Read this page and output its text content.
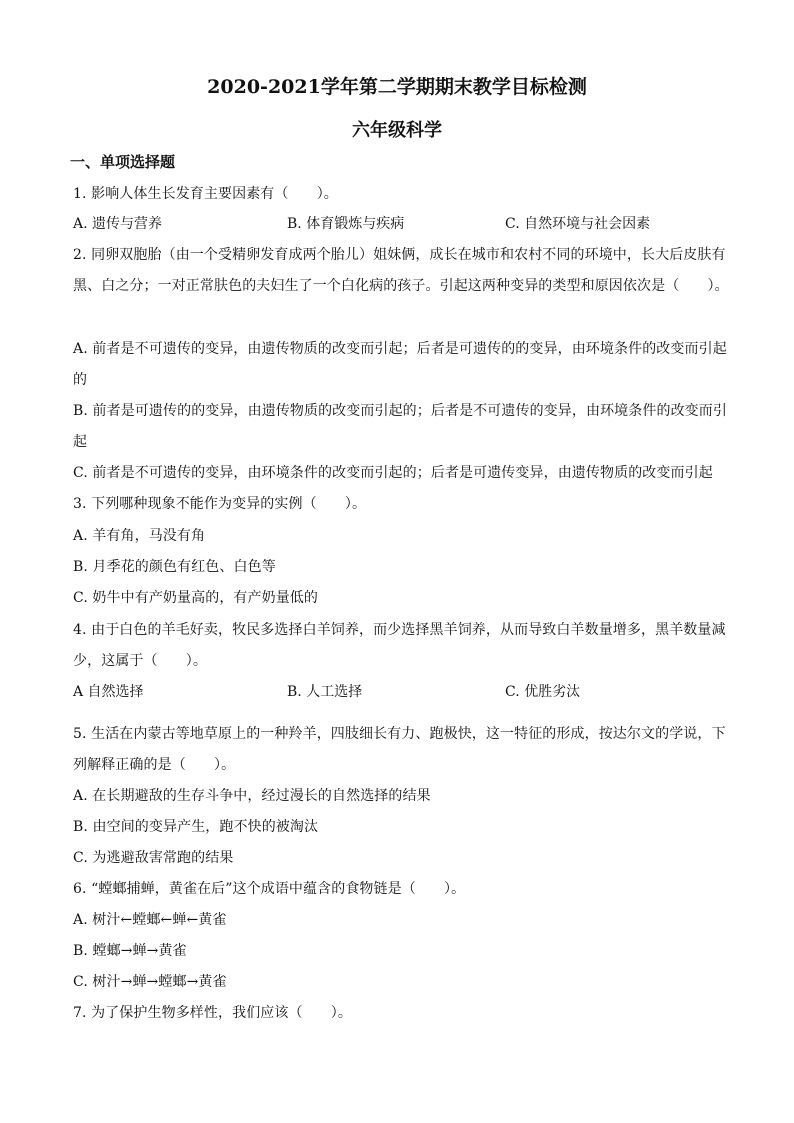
2020-2021学年第二学期期末教学目标检测
六年级科学
一、单项选择题
1. 影响人体生长发育主要因素有（　　）。
A. 遗传与营养	B. 体育锻炼与疾病	C. 自然环境与社会因素
2. 同卵双胞胎（由一个受精卵发育成两个胎儿）姐妹俩，成长在城市和农村不同的环境中，长大后皮肤有
黑、白之分；一对正常肤色的夫妇生了一个白化病的孩子。引起这两种变异的类型和原因依次是（　　）。
A. 前者是不可遗传的变异，由遗传物质的改变而引起；后者是可遗传的的变异，由环境条件的改变而引起
的
B. 前者是可遗传的的变异，由遗传物质的改变而引起的；后者是不可遗传的变异，由环境条件的改变而引
起
C. 前者是不可遗传的变异，由环境条件的改变而引起的；后者是可遗传变异，由遗传物质的改变而引起
3. 下列哪种现象不能作为变异的实例（　　）。
A. 羊有角，马没有角
B. 月季花的颜色有红色、白色等
C. 奶牛中有产奶量高的，有产奶量低的
4. 由于白色的羊毛好卖，牧民多选择白羊饲养，而少选择黑羊饲养，从而导致白羊数量增多，黑羊数量减
少，这属于（　　）。
A 自然选择	B. 人工选择	C. 优胜劣汰
5. 生活在内蒙古等地草原上的一种羚羊，四肢细长有力、跑极快，这一特征的形成，按达尔文的学说，下
列解释正确的是（　　）。
A. 在长期避敌的生存斗争中，经过漫长的自然选择的结果
B. 由空间的变异产生，跑不快的被淘汰
C. 为逃避敌害常跑的结果
6. “螳螂捕蝉，黄雀在后”这个成语中蕴含的食物链是（　　）。
A. 树汁←螳螂←蝉←黄雀
B. 螳螂→蝉→黄雀
C. 树汁→蝉→螳螂→黄雀
7. 为了保护生物多样性，我们应该（　　）。
